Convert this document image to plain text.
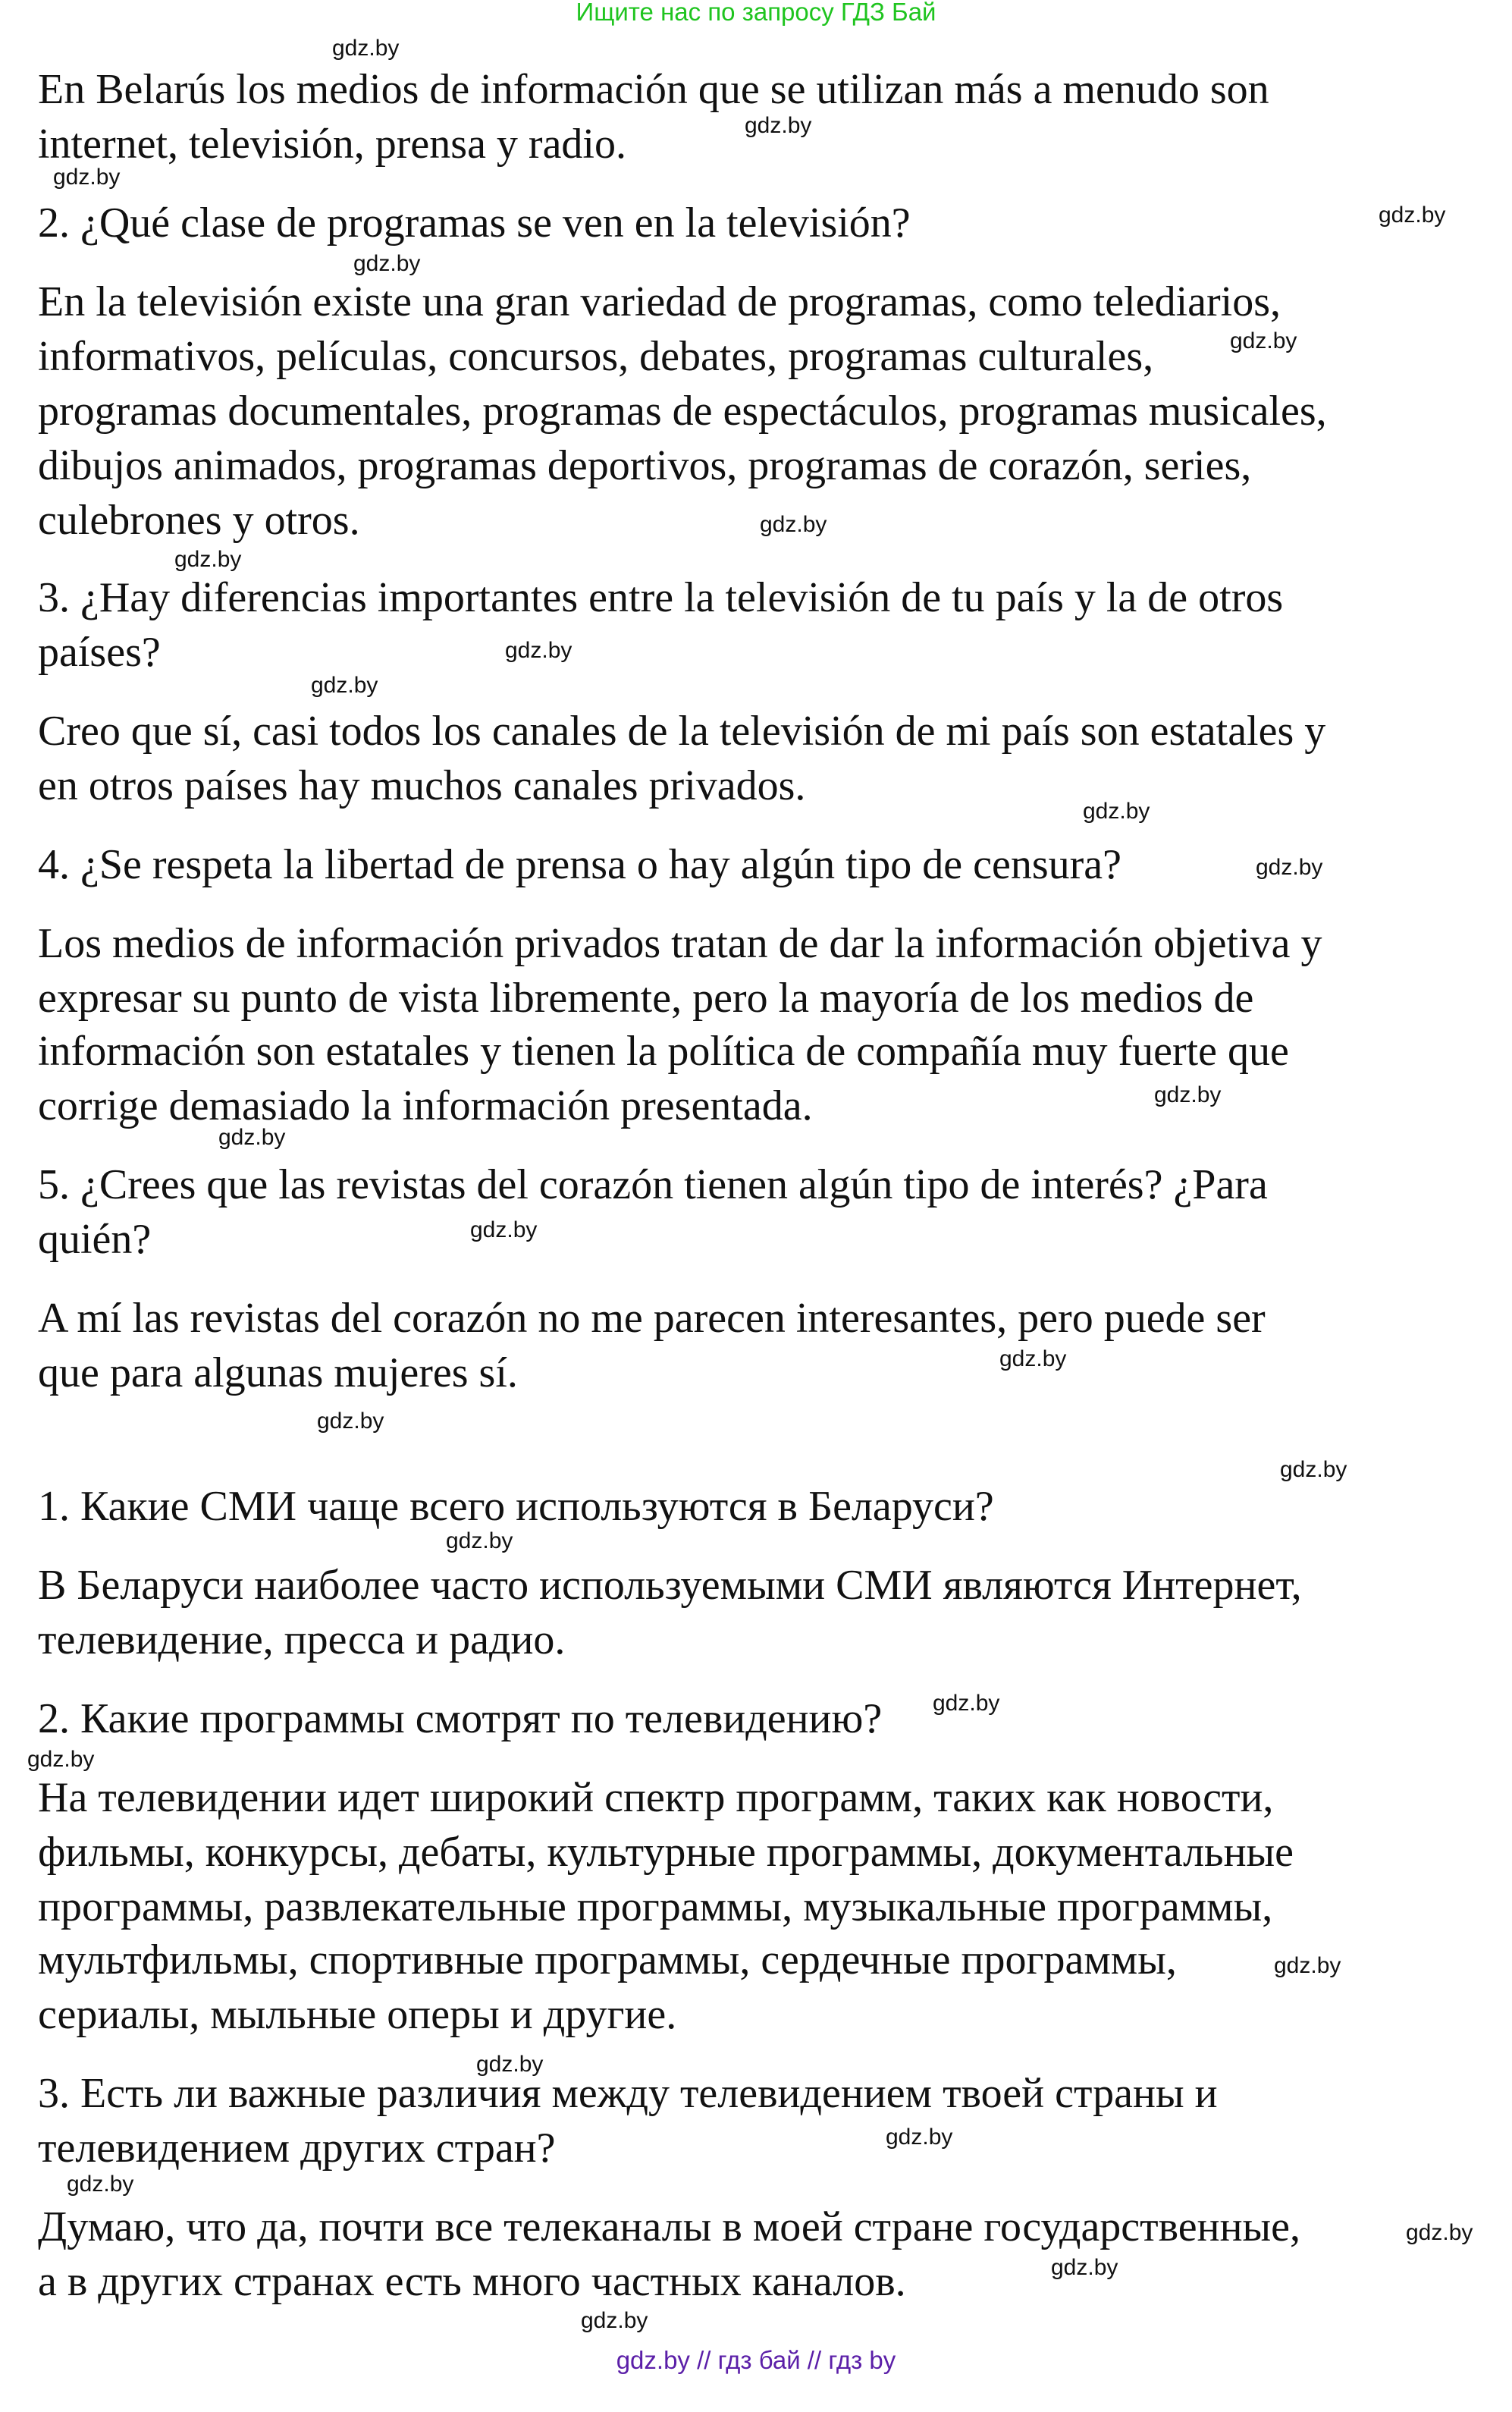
Ищите нас по запросу ГДЗ Бай
En Belarús los medios de información que se utilizan más a menudo son
internet, televisión, prensa y radio.
2. ¿Qué clase de programas se ven en la televisión?
En la televisión existe una gran variedad de programas, como telediarios,
informativos, películas, concursos, debates, programas culturales,
programas documentales, programas de espectáculos, programas musicales,
dibujos animados, programas deportivos, programas de corazón, series,
culebrones y otros.
3. ¿Hay diferencias importantes entre la televisión de tu país y la de otros
países?
Creo que sí, casi todos los canales de la televisión de mi país son estatales y
en otros países hay muchos canales privados.
4. ¿Se respeta la libertad de prensa o hay algún tipo de censura?
Los medios de información privados tratan de dar la información objetiva y
expresar su punto de vista libremente, pero la mayoría de los medios de
información son estatales y tienen la política de compañía muy fuerte que
corrige demasiado la información presentada.
5. ¿Crees que las revistas del corazón tienen algún tipo de interés? ¿Para
quién?
A mí las revistas del corazón no me parecen interesantes, pero puede ser
que para algunas mujeres sí.
1. Какие СМИ чаще всего используются в Беларуси?
В Беларуси наиболее часто используемыми СМИ являются Интернет,
телевидение, пресса и радио.
2. Какие программы смотрят по телевидению?
На телевидении идет широкий спектр программ, таких как новости,
фильмы, конкурсы, дебаты, культурные программы, документальные
программы, развлекательные программы, музыкальные программы,
мультфильмы, спортивные программы, сердечные программы,
сериалы, мыльные оперы и другие.
3. Есть ли важные различия между телевидением твоей страны и
телевидением других стран?
Думаю, что да, почти все телеканалы в моей стране государственные,
а в других странах есть много частных каналов.
gdz.by
gdz.by
gdz.by
gdz.by
gdz.by
gdz.by
gdz.by
gdz.by
gdz.by
gdz.by
gdz.by
gdz.by
gdz.by
gdz.by
gdz.by
gdz.by
gdz.by
gdz.by
gdz.by
gdz.by
gdz.by
gdz.by
gdz.by
gdz.by
gdz.by
gdz.by
gdz.by
gdz.by
gdz.by // гдз бай // гдз by
